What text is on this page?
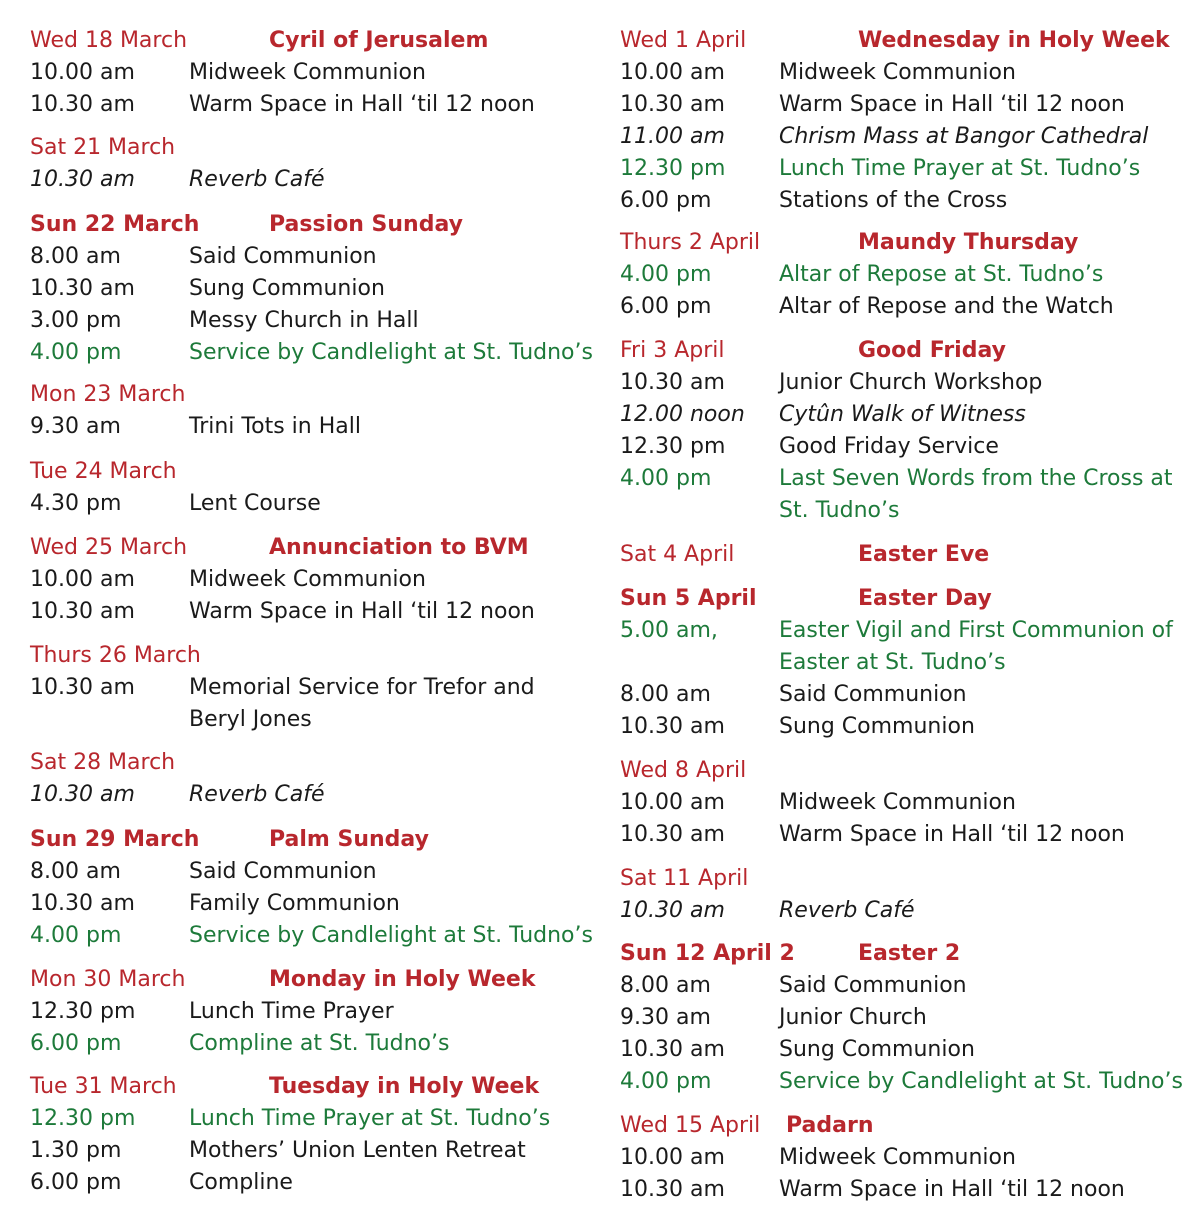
Wed 18 March	Cyril of Jerusalem
10.00 am Midweek Communion
10.30 am Warm Space in Hall ‘til 12 noon
Sat 21 March
10.30 am Reverb Café
Sun 22 March	Passion Sunday
8.00 am	Said Communion
10.30 am Sung Communion
3.00 pm	Messy Church in Hall
4.00 pm	Service by Candlelight at St. Tudno’s
Mon 23 March
9.30 am	Trini Tots in Hall
Tue 24 March
4.30 pm	Lent Course
Wed 25 March	Annunciation to BVM
10.00 am Midweek Communion
10.30 am Warm Space in Hall ‘til 12 noon
Thurs 26 March
10.30 am Memorial Service for Trefor and Beryl Jones
Sat 28 March
10.30 am Reverb Café
Sun 29 March	Palm Sunday
8.00 am	Said Communion
10.30 am Family Communion
4.00 pm	Service by Candlelight at St. Tudno’s
Mon 30 March	Monday in Holy Week
12.30 pm Lunch Time Prayer
6.00 pm	Compline at St. Tudno’s
Tue 31 March	Tuesday in Holy Week
12.30 pm Lunch Time Prayer at St. Tudno’s
1.30 pm	Mothers’ Union Lenten Retreat
6.00 pm	Compline
Wed 1 April	Wednesday in Holy Week
10.00 am Midweek Communion
10.30 am Warm Space in Hall ‘til 12 noon
11.00 am Chrism Mass at Bangor Cathedral
12.30 pm Lunch Time Prayer at St. Tudno’s
6.00 pm	Stations of the Cross
Thurs 2 April	Maundy Thursday
4.00 pm	Altar of Repose at St. Tudno’s
6.00 pm	Altar of Repose and the Watch
Fri 3 April	Good Friday
10.30 am Junior Church Workshop
12.00 noon Cytûn Walk of Witness
12.30 pm Good Friday Service
4.00 pm	Last Seven Words from the Cross at St. Tudno’s
Sat 4 April	Easter Eve
Sun 5 April	Easter Day
5.00 am,	Easter Vigil and First Communion of Easter at St. Tudno’s
8.00 am	Said Communion
10.30 am Sung Communion
Wed 8 April
10.00 am Midweek Communion
10.30 am Warm Space in Hall ‘til 12 noon
Sat 11 April
10.30 am Reverb Café
Sun 12 April 2	Easter 2
8.00 am	Said Communion
9.30 am	Junior Church
10.30 am Sung Communion
4.00 pm	Service by Candlelight at St. Tudno’s
Wed 15 April Padarn
10.00 am Midweek Communion
10.30 am Warm Space in Hall ‘til 12 noon
